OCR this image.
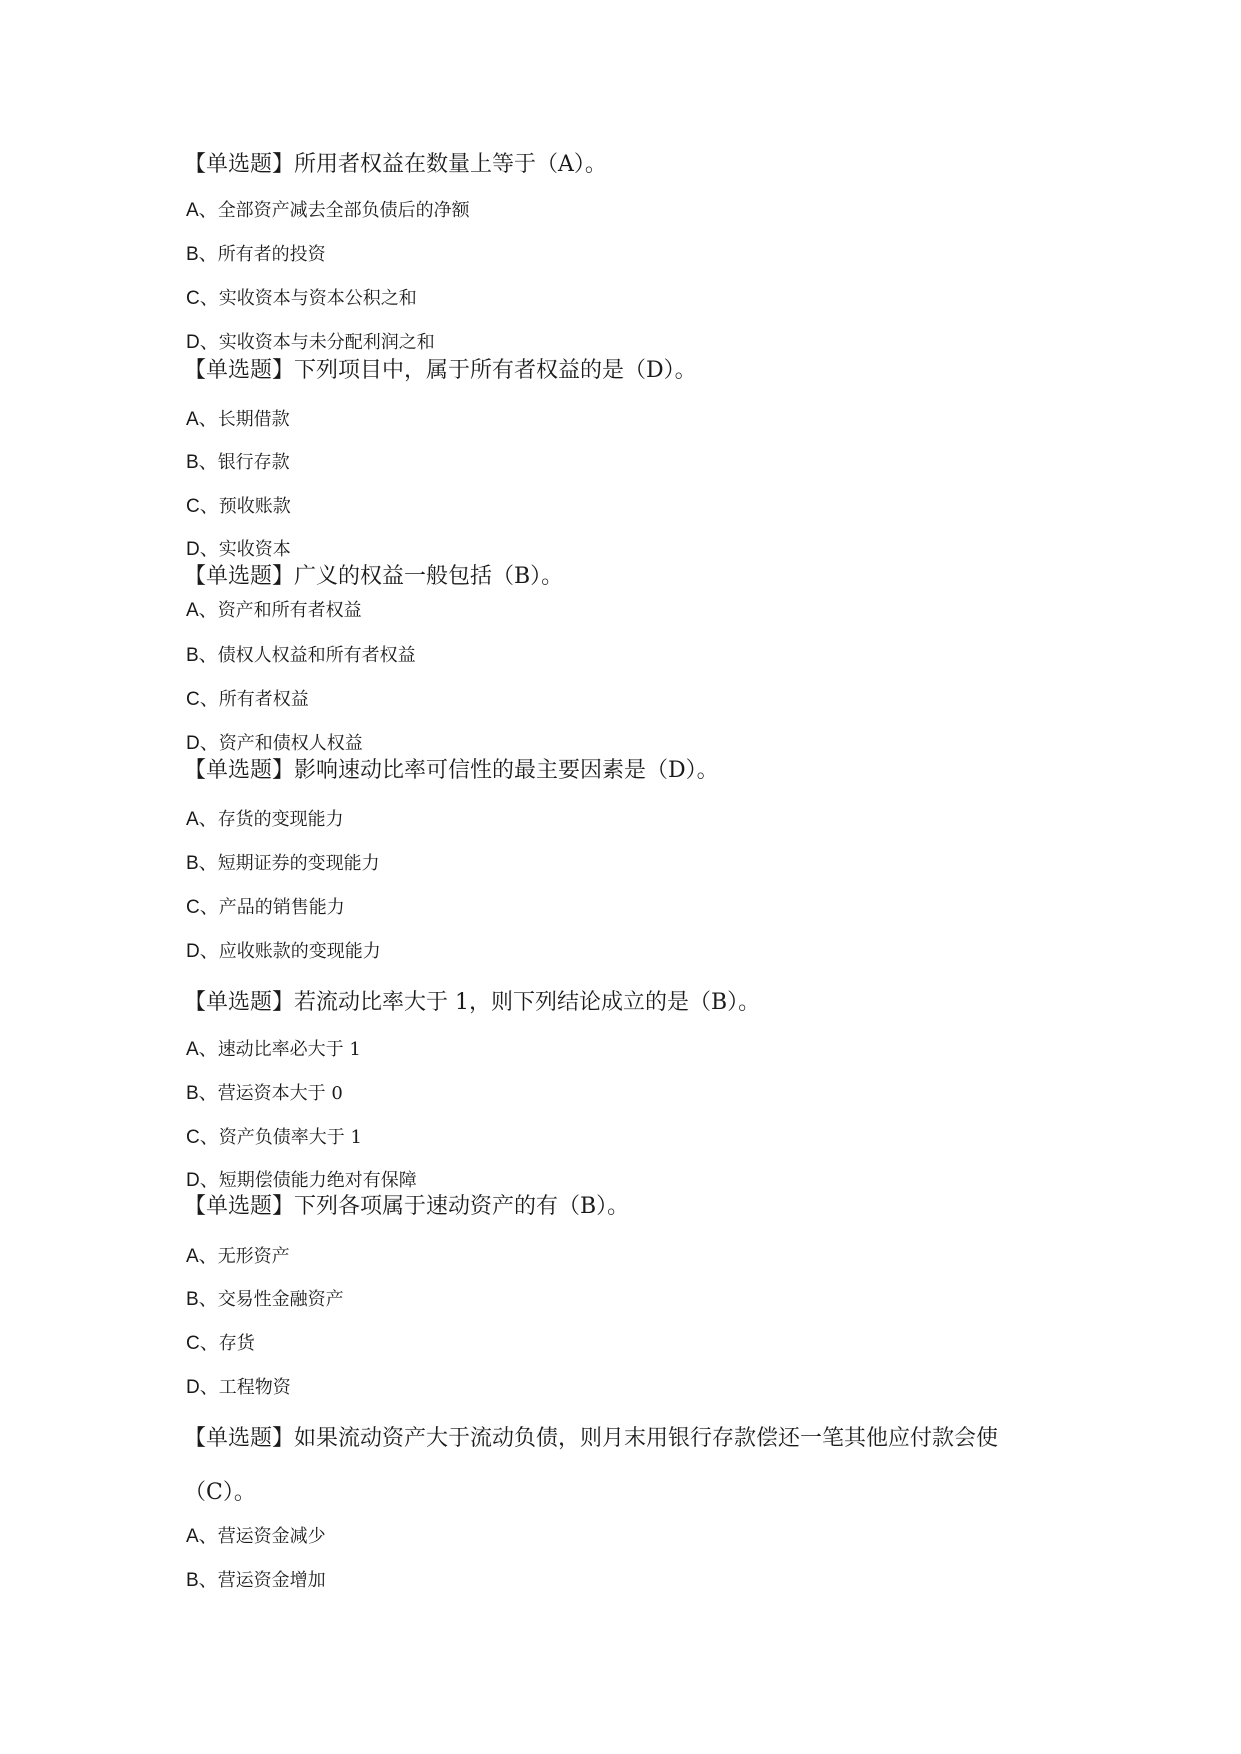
【单选题】所用者权益在数量上等于（A）。
A、全部资产减去全部负债后的净额
B、所有者的投资
C、实收资本与资本公积之和
D、实收资本与未分配利润之和
【单选题】下列项目中，属于所有者权益的是（D）。
A、长期借款
B、银行存款
C、预收账款
D、实收资本
【单选题】广义的权益一般包括（B）。
A、资产和所有者权益
B、债权人权益和所有者权益
C、所有者权益
D、资产和债权人权益
【单选题】影响速动比率可信性的最主要因素是（D）。
A、存货的变现能力
B、短期证券的变现能力
C、产品的销售能力
D、应收账款的变现能力
【单选题】若流动比率大于 1，则下列结论成立的是（B）。
A、速动比率必大于 1
B、营运资本大于 0
C、资产负债率大于 1
D、短期偿债能力绝对有保障
【单选题】下列各项属于速动资产的有（B）。
A、无形资产
B、交易性金融资产
C、存货
D、工程物资
【单选题】如果流动资产大于流动负债，则月末用银行存款偿还一笔其他应付款会使
（C）。
A、营运资金减少
B、营运资金增加
